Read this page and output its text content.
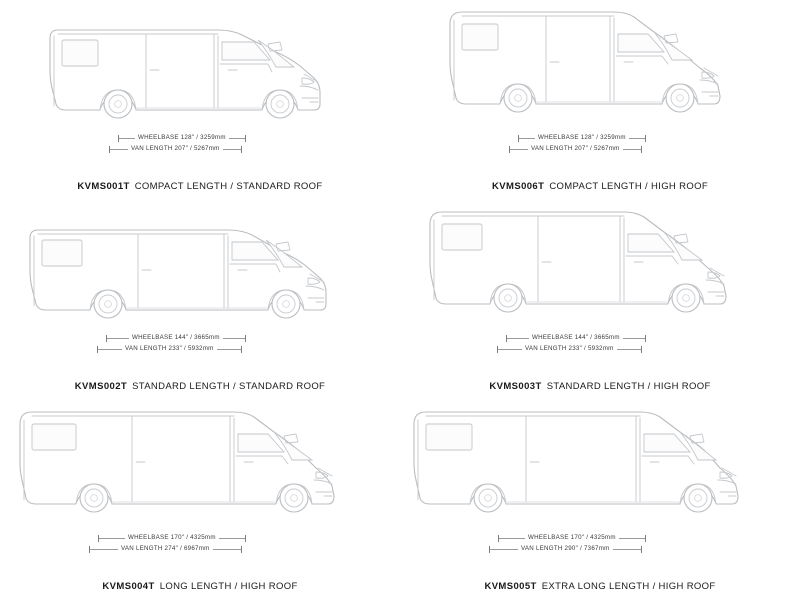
WHEELBASE 128" / 3259mm
VAN LENGTH 207" / 5267mm
KVMS001T COMPACT LENGTH / STANDARD ROOF
WHEELBASE 128" / 3259mm
VAN LENGTH 207" / 5267mm
KVMS006T COMPACT LENGTH / HIGH ROOF
WHEELBASE 144" / 3665mm
VAN LENGTH 233" / 5932mm
KVMS002T STANDARD LENGTH / STANDARD ROOF
WHEELBASE 144" / 3665mm
VAN LENGTH 233" / 5932mm
KVMS003T STANDARD LENGTH / HIGH ROOF
WHEELBASE 170" / 4325mm
VAN LENGTH 274" / 6967mm
KVMS004T LONG LENGTH / HIGH ROOF
WHEELBASE 170" / 4325mm
VAN LENGTH 290" / 7367mm
KVMS005T EXTRA LONG LENGTH / HIGH ROOF
